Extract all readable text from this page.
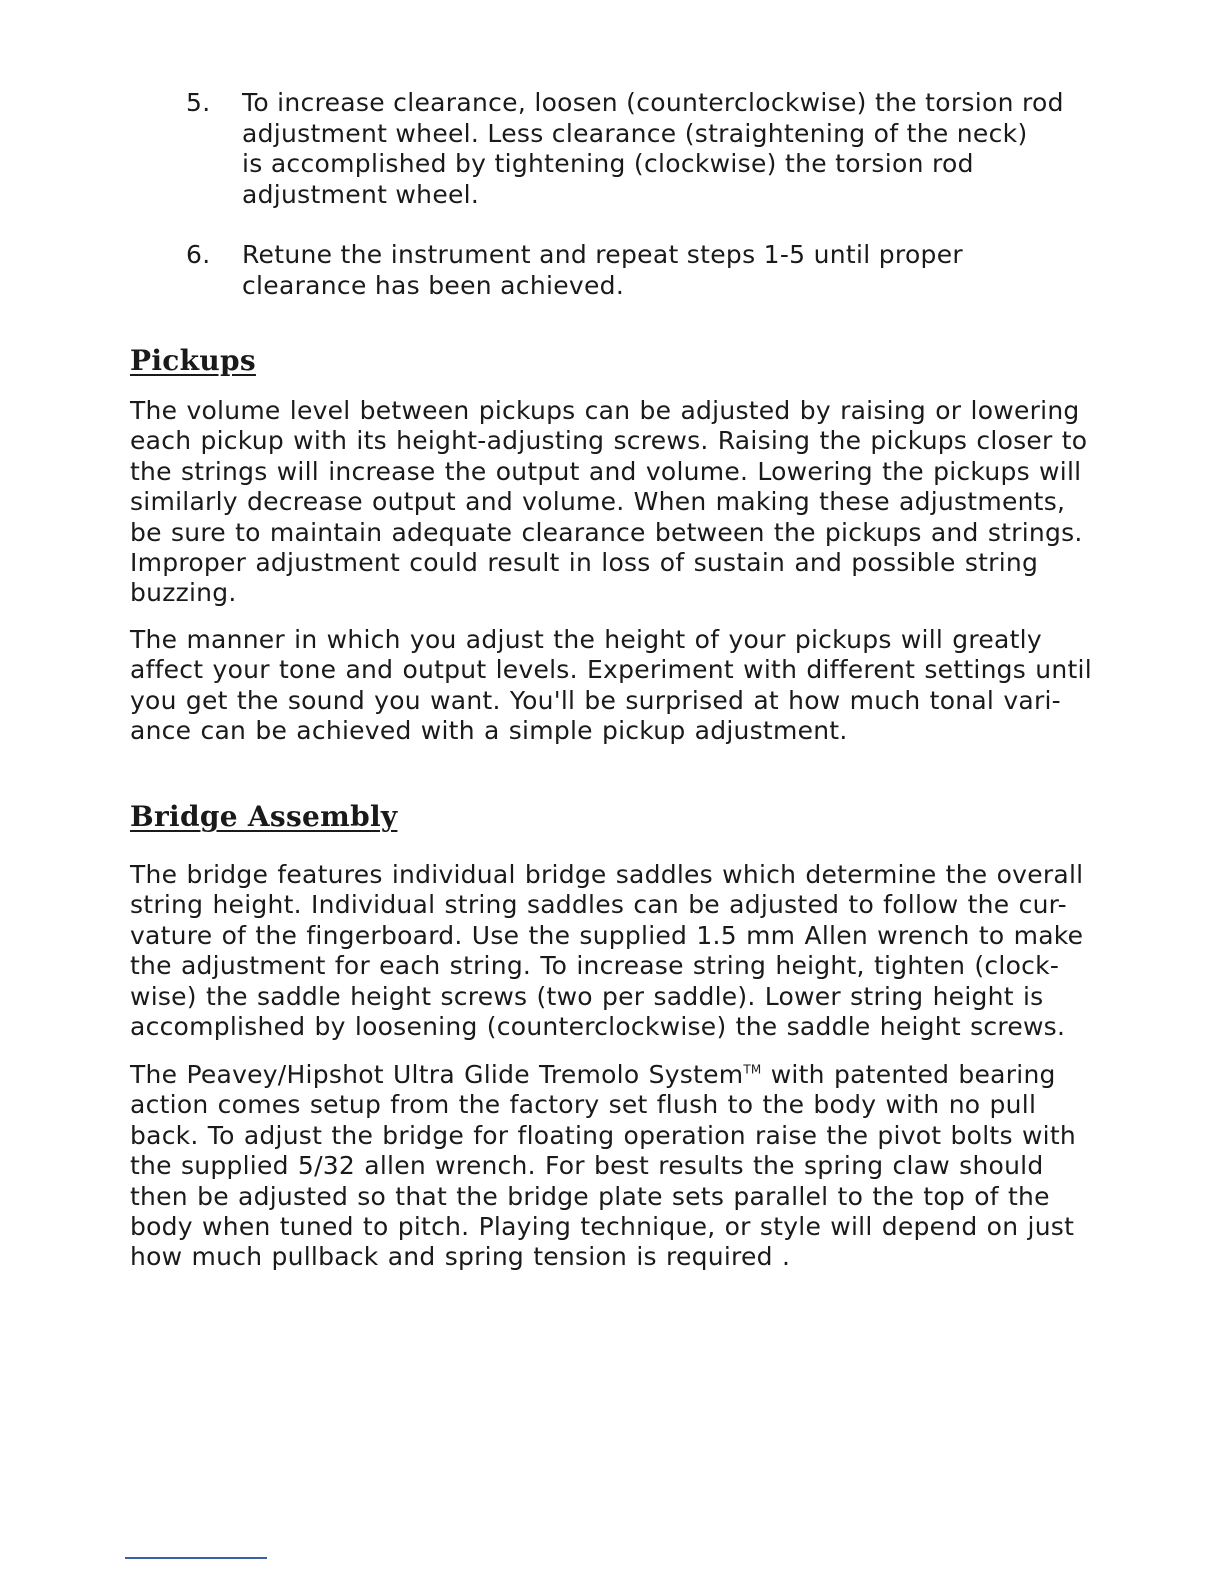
5. To increase clearance, loosen (counterclockwise) the torsion rod
adjustment wheel. Less clearance (straightening of the neck)
is accomplished by tightening (clockwise) the torsion rod
adjustment wheel.
6. Retune the instrument and repeat steps 1-5 until proper
clearance has been achieved.
Pickups

The volume level between pickups can be adjusted by raising or lowering
each pickup with its height-adjusting screws. Raising the pickups closer to
the strings will increase the output and volume. Lowering the pickups will
similarly decrease output and volume. When making these adjustments,
be sure to maintain adequate clearance between the pickups and strings.
Improper adjustment could result in loss of sustain and possible string
buzzing.

The manner in which you adjust the height of your pickups will greatly
affect your tone and output levels. Experiment with different settings until
you get the sound you want. You'll be surprised at how much tonal vari-
ance can be achieved with a simple pickup adjustment.

Bridge Assembly

The bridge features individual bridge saddles which determine the overall
string height. Individual string saddles can be adjusted to follow the cur-
vature of the fingerboard. Use the supplied 1.5 mm Allen wrench to make
the adjustment for each string. To increase string height, tighten (clock-
wise) the saddle height screws (two per saddle). Lower string height is
accomplished by loosening (counterclockwise) the saddle height screws.

The Peavey/Hipshot Ultra Glide Tremolo System™ with patented bearing
action comes setup from the factory set flush to the body with no pull
back. To adjust the bridge for floating operation raise the pivot bolts with
the supplied 5/32 allen wrench. For best results the spring claw should
then be adjusted so that the bridge plate sets parallel to the top of the
body when tuned to pitch. Playing technique, or style will depend on just
how much pullback and spring tension is required .
